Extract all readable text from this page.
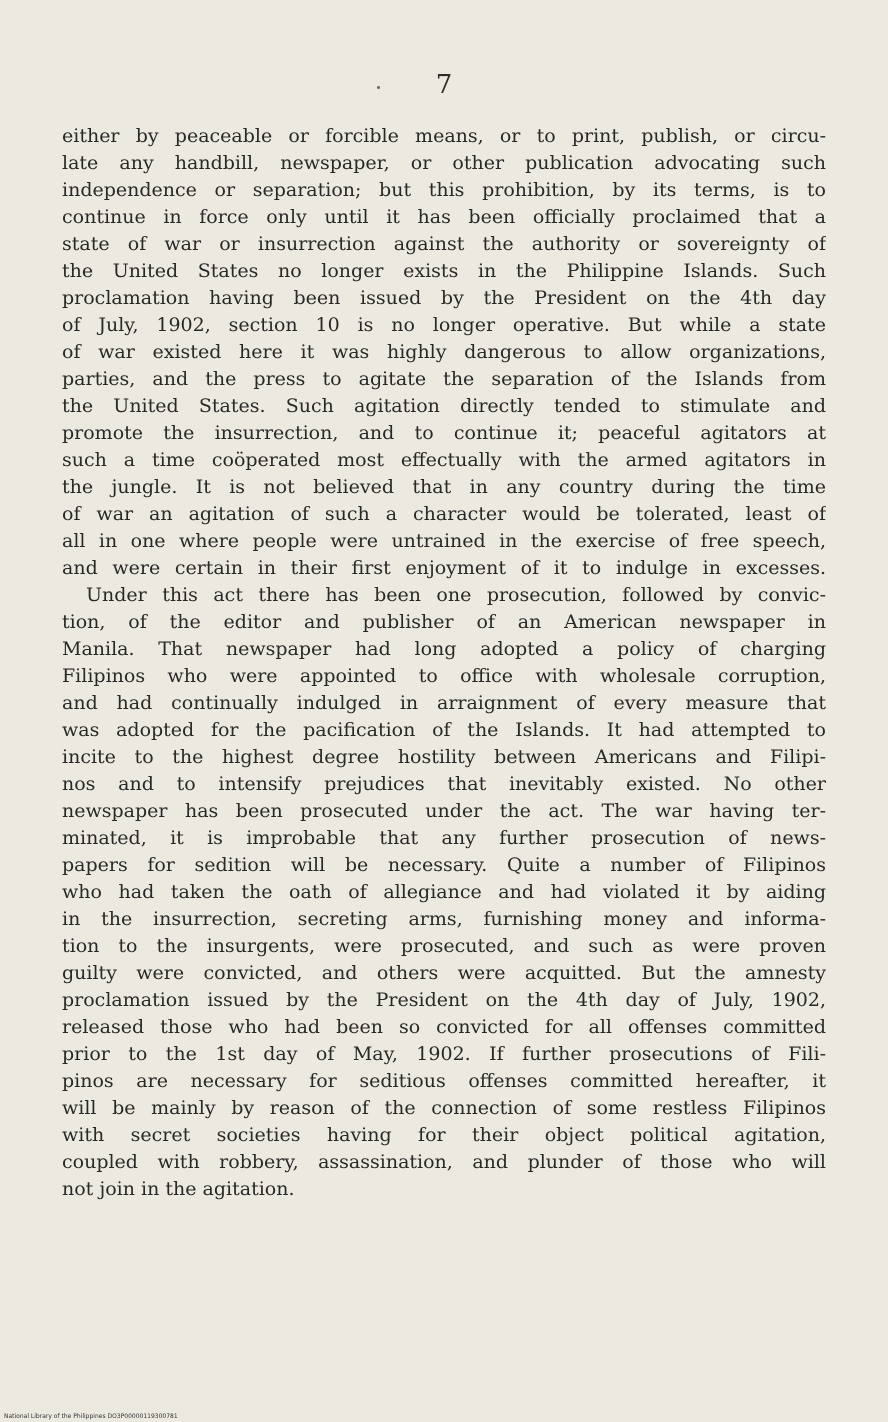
7
either by peaceable or forcible means, or to print, publish, or circu-
late any handbill, newspaper, or other publication advocating such
independence or separation; but this prohibition, by its terms, is to
continue in force only until it has been officially proclaimed that a
state of war or insurrection against the authority or sovereignty of
the United States no longer exists in the Philippine Islands. Such
proclamation having been issued by the President on the 4th day
of July, 1902, section 10 is no longer operative. But while a state
of war existed here it was highly dangerous to allow organizations,
parties, and the press to agitate the separation of the Islands from
the United States. Such agitation directly tended to stimulate and
promote the insurrection, and to continue it; peaceful agitators at
such a time coöperated most effectually with the armed agitators in
the jungle. It is not believed that in any country during the time
of war an agitation of such a character would be tolerated, least of
all in one where people were untrained in the exercise of free speech,
and were certain in their first enjoyment of it to indulge in excesses.
Under this act there has been one prosecution, followed by convic-
tion, of the editor and publisher of an American newspaper in
Manila. That newspaper had long adopted a policy of charging
Filipinos who were appointed to office with wholesale corruption,
and had continually indulged in arraignment of every measure that
was adopted for the pacification of the Islands. It had attempted to
incite to the highest degree hostility between Americans and Filipi-
nos and to intensify prejudices that inevitably existed. No other
newspaper has been prosecuted under the act. The war having ter-
minated, it is improbable that any further prosecution of news-
papers for sedition will be necessary. Quite a number of Filipinos
who had taken the oath of allegiance and had violated it by aiding
in the insurrection, secreting arms, furnishing money and informa-
tion to the insurgents, were prosecuted, and such as were proven
guilty were convicted, and others were acquitted. But the amnesty
proclamation issued by the President on the 4th day of July, 1902,
released those who had been so convicted for all offenses committed
prior to the 1st day of May, 1902. If further prosecutions of Fili-
pinos are necessary for seditious offenses committed hereafter, it
will be mainly by reason of the connection of some restless Filipinos
with secret societies having for their object political agitation,
coupled with robbery, assassination, and plunder of those who will
not join in the agitation.
National Library of the Philippines DO3P00000119300781
